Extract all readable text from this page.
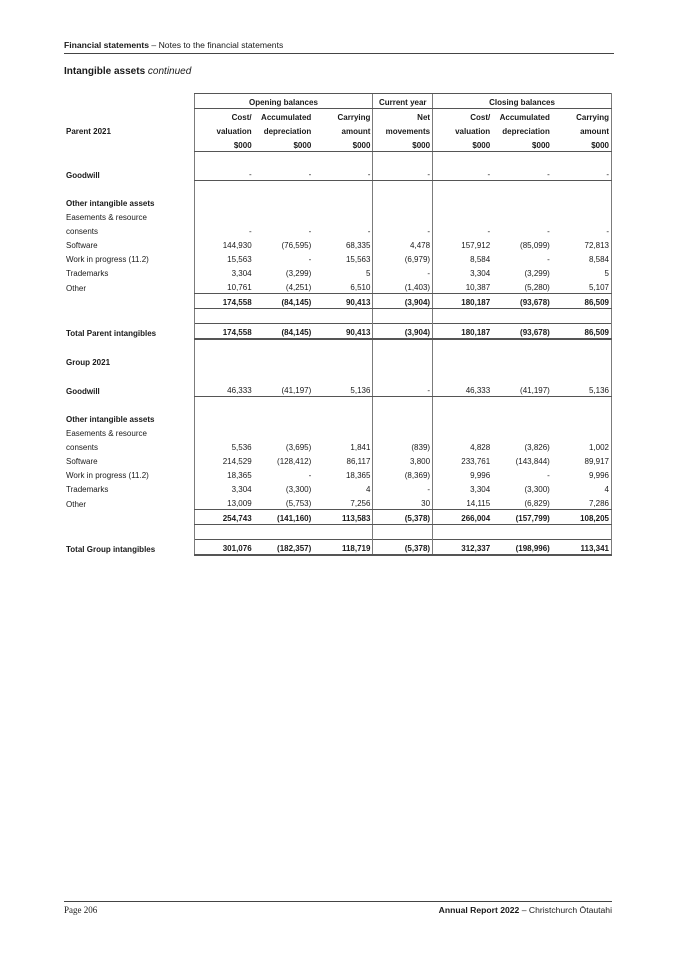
Financial statements – Notes to the financial statements
Intangible assets continued
	Opening balances			Current year	Closing balances		
	Cost/	Accumulated	Carrying	Net	Cost/	Accumulated	Carrying
Parent 2021	valuation	depreciation	amount	movements	valuation	depreciation	amount
	$000	$000	$000	$000	$000	$000	$000

Goodwill	-	-	-	-	-	-	-

Other intangible assets							
Easements & resource							
consents	-	-	-	-	-	-	-
Software	144,930	(76,595)	68,335	4,478	157,912	(85,099)	72,813
Work in progress (11.2)	15,563	-	15,563	(6,979)	8,584	-	8,584
Trademarks	3,304	(3,299)	5	-	3,304	(3,299)	5
Other	10,761	(4,251)	6,510	(1,403)	10,387	(5,280)	5,107
	174,558	(84,145)	90,413	(3,904)	180,187	(93,678)	86,509

Total Parent intangibles	174,558	(84,145)	90,413	(3,904)	180,187	(93,678)	86,509

Group 2021							

Goodwill	46,333	(41,197)	5,136	-	46,333	(41,197)	5,136

Other intangible assets							
Easements & resource							
consents	5,536	(3,695)	1,841	(839)	4,828	(3,826)	1,002
Software	214,529	(128,412)	86,117	3,800	233,761	(143,844)	89,917
Work in progress (11.2)	18,365	-	18,365	(8,369)	9,996	-	9,996
Trademarks	3,304	(3,300)	4	-	3,304	(3,300)	4
Other	13,009	(5,753)	7,256	30	14,115	(6,829)	7,286
	254,743	(141,160)	113,583	(5,378)	266,004	(157,799)	108,205

Total Group intangibles	301,076	(182,357)	118,719	(5,378)	312,337	(198,996)	113,341
Page 206	Annual Report 2022 – Christchurch Ōtautahi
